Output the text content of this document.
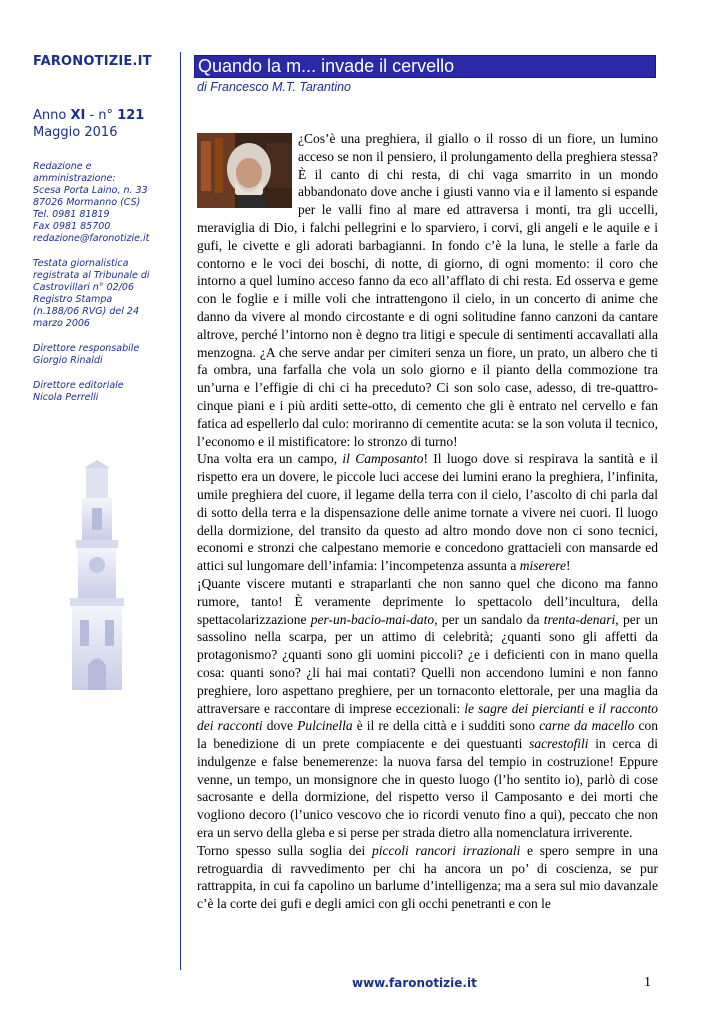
FARONOTIZIE.IT
Anno XI - n° 121
Maggio 2016
Redazione e
amministrazione:
Scesa Porta Laino, n. 33
87026 Mormanno (CS)
Tel. 0981 81819
Fax 0981 85700
redazione@faronotizie.it
Testata giornalistica
registrata al Tribunale di
Castrovillari n° 02/06
Registro Stampa
(n.188/06 RVG) del 24
marzo 2006
Direttore responsabile
Giorgio Rinaldi
Direttore editoriale
Nicola Perrelli
Quando la m... invade il cervello
di Francesco M.T. Tarantino

¿Cos’è una preghiera, il giallo o il rosso di un fiore, un lumino acceso se non il pensiero, il prolungamento della preghiera stessa? È il canto di chi resta, di chi vaga smarrito in un mondo abbandonato dove anche i giusti vanno via e il lamento si espande per le valli fino al mare ed attraversa i monti, tra gli uccelli, meraviglia di Dio, i falchi pellegrini e lo sparviero, i corvi, gli angeli e le aquile e i gufi, le civette e gli adorati barbagianni. In fondo c’è la luna, le stelle a farle da contorno e le voci dei boschi, di notte, di giorno, di ogni momento: il coro che intorno a quel lumino acceso fanno da eco all’afflato di chi resta. Ed osserva e geme con le foglie e i mille voli che intrattengono il cielo, in un concerto di anime che danno da vivere al mondo circostante e di ogni solitudine fanno canzoni da cantare altrove, perché l’intorno non è degno tra litigi e specule di sentimenti accavallati alla menzogna. ¿A che serve andar per cimiteri senza un fiore, un prato, un albero che ti fa ombra, una farfalla che vola un solo giorno e il pianto della commozione tra un’urna e l’effigie di chi ci ha preceduto? Ci son solo case, adesso, di tre-quattro-cinque piani e i più arditi sette-otto, di cemento che gli è entrato nel cervello e fan fatica ad espellerlo dal culo: moriranno di cementite acuta: se la son voluta il tecnico, l’economo e il mistificatore: lo stronzo di turno!

Una volta era un campo, il Camposanto! Il luogo dove si respirava la santità e il rispetto era un dovere, le piccole luci accese dei lumini erano la preghiera, l’infinita, umile preghiera del cuore, il legame della terra con il cielo, l’ascolto di chi parla dal di sotto della terra e la dispensazione delle anime tornate a vivere nei cuori. Il luogo della dormizione, del transito da questo ad altro mondo dove non ci sono tecnici, economi e stronzi che calpestano memorie e concedono grattacieli con mansarde ed attici sul lungomare dell’infamia: l’incompetenza assunta a miserere!

¡Quante viscere mutanti e straparlanti che non sanno quel che dicono ma fanno rumore, tanto! È veramente deprimente lo spettacolo dell’incultura, della spettacolarizzazione per-un-bacio-mai-dato, per un sandalo da trenta-denari, per un sassolino nella scarpa, per un attimo di celebrità; ¿quanti sono gli affetti da protagonismo? ¿quanti sono gli uomini piccoli? ¿e i deficienti con in mano quella cosa: quanti sono? ¿li hai mai contati? Quelli non accendono lumini e non fanno preghiere, loro aspettano preghiere, per un tornaconto elettorale, per una maglia da attraversare e raccontare di imprese eccezionali: le sagre dei piercianti e il racconto dei racconti dove Pulcinella è il re della città e i sudditi sono carne da macello con la benedizione di un prete compiacente e dei questuanti sacrestofili in cerca di indulgenze e false benemerenze: la nuova farsa del tempio in costruzione! Eppure venne, un tempo, un monsignore che in questo luogo (l’ho sentito io), parlò di cose sacrosante e della dormizione, del rispetto verso il Camposanto e dei morti che vogliono decoro (l’unico vescovo che io ricordi venuto fino a qui), peccato che non era un servo della gleba e si perse per strada dietro alla nomenclatura irriverente.

Torno spesso sulla soglia dei piccoli rancori irrazionali e spero sempre in una retroguardia di ravvedimento per chi ha ancora un po’ di coscienza, se pur rattrappita, in cui fa capolino un barlume d’intelligenza; ma a sera sul mio davanzale c’è la corte dei gufi e degli amici con gli occhi penetranti e con le

www.faronotizie.it	1
